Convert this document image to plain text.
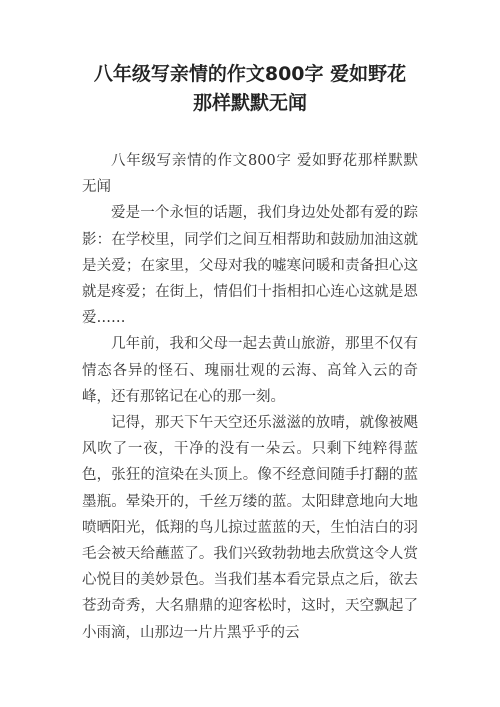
八年级写亲情的作文800字 爱如野花
那样默默无闻

八年级写亲情的作文800字 爱如野花那样默默无闻

爱是一个永恒的话题，我们身边处处都有爱的踪影：在学校里，同学们之间互相帮助和鼓励加油这就是关爱；在家里，父母对我的嘘寒问暖和责备担心这就是疼爱；在街上，情侣们十指相扣心连心这就是恩爱……

几年前，我和父母一起去黄山旅游，那里不仅有情态各异的怪石、瑰丽壮观的云海、高耸入云的奇峰，还有那铭记在心的那一刻。

记得，那天下午天空还乐滋滋的放晴，就像被飓风吹了一夜，干净的没有一朵云。只剩下纯粹得蓝色，张狂的渲染在头顶上。像不经意间随手打翻的蓝墨瓶。晕染开的，千丝万缕的蓝。太阳肆意地向大地喷晒阳光，低翔的鸟儿掠过蓝蓝的天，生怕洁白的羽毛会被天给蘸蓝了。我们兴致勃勃地去欣赏这令人赏心悦目的美妙景色。当我们基本看完景点之后，欲去苍劲奇秀，大名鼎鼎的迎客松时，这时，天空飘起了小雨滴，山那边一片片黑乎乎的云
